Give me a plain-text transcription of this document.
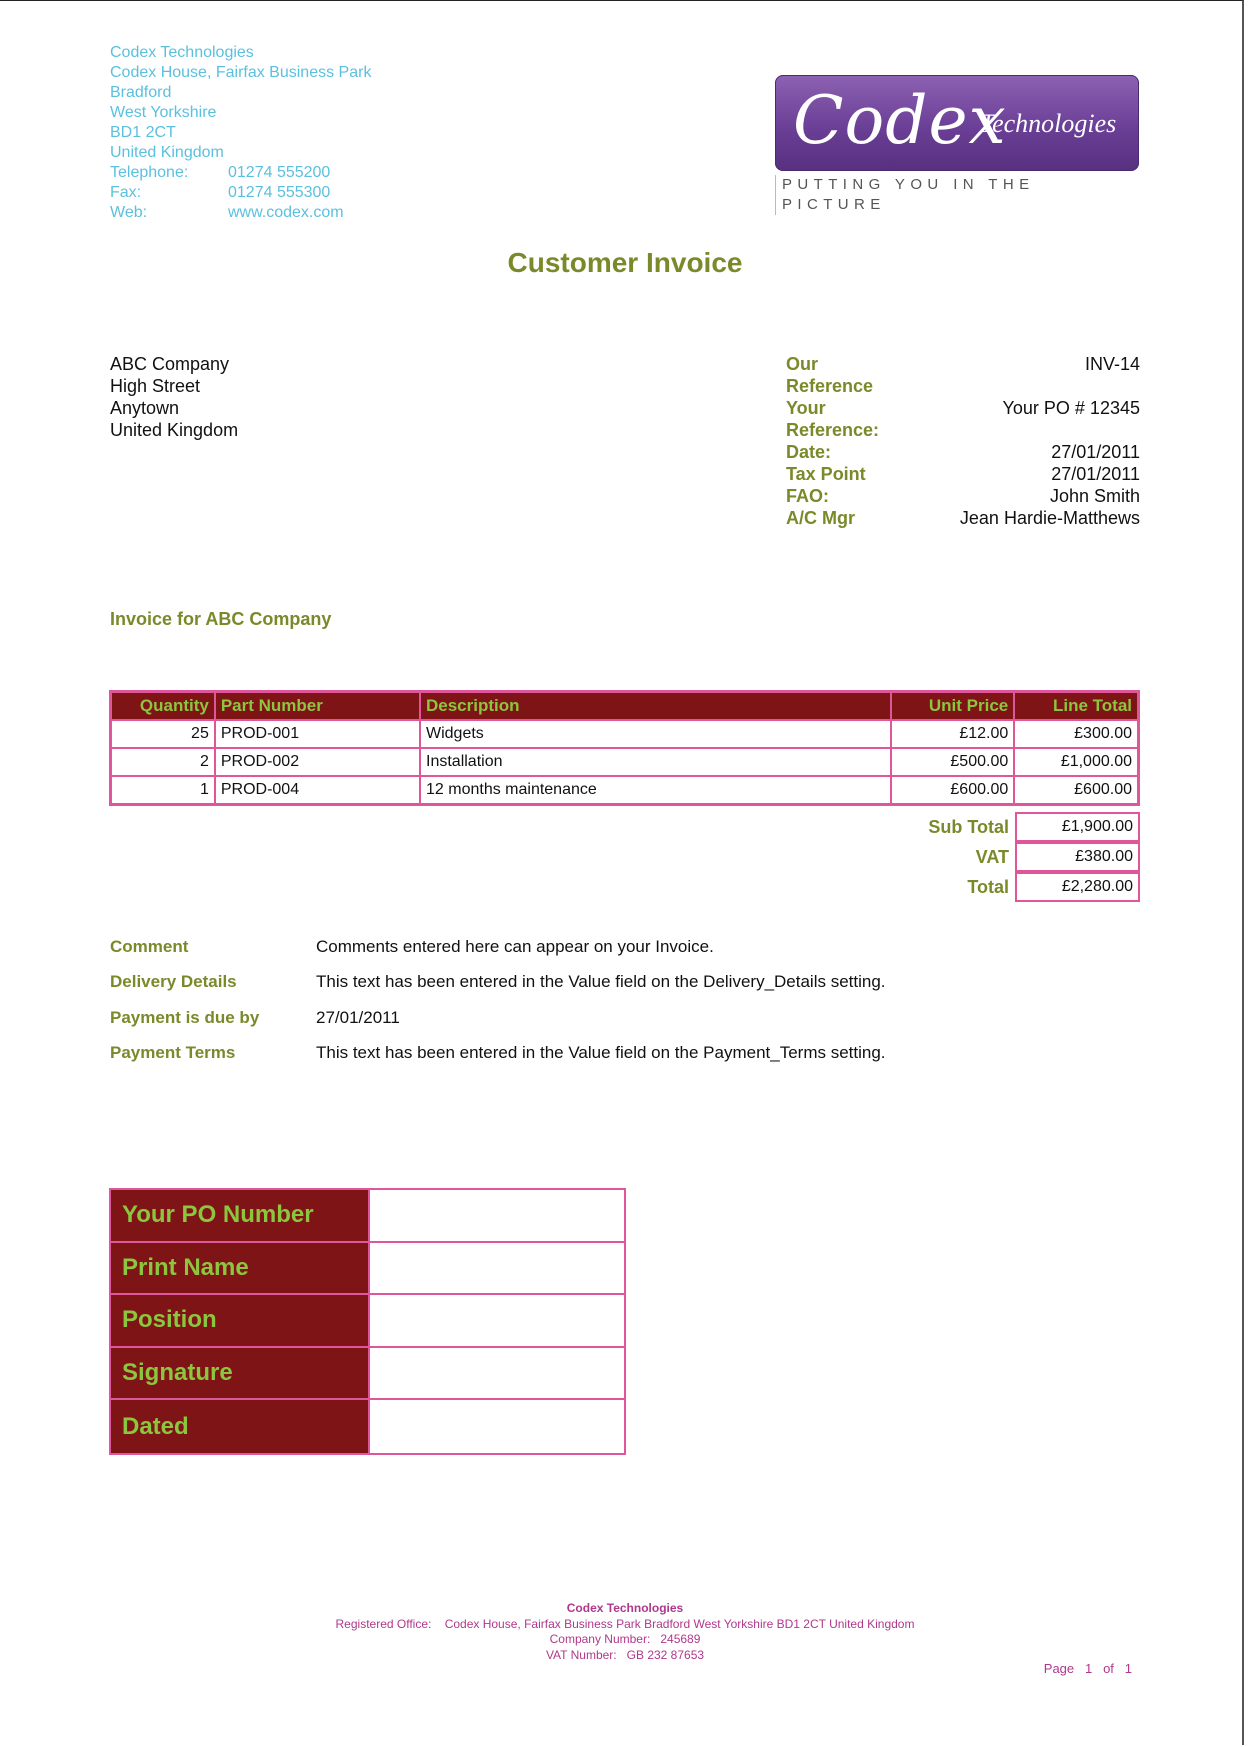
Codex Technologies
Codex House, Fairfax Business Park
Bradford
West Yorkshire
BD1 2CT
United Kingdom
Telephone:	01274 555200
Fax:	01274 555300
Web:	www.codex.com
Codex
Technologies
PUTTING YOU IN THE PICTURE
Customer Invoice
ABC Company
High Street
Anytown
United Kingdom
Our Reference
INV-14
Your Reference:
Your PO # 12345
Date:	27/01/2011
Tax Point	27/01/2011
FAO:	John Smith
A/C Mgr	Jean Hardie-Matthews
Invoice for ABC Company
Quantity	Part Number	Description	Unit Price	Line Total
25	PROD-001	Widgets	£12.00	£300.00
2	PROD-002	Installation	£500.00	£1,000.00
1	PROD-004	12 months maintenance	£600.00	£600.00
Sub Total	£1,900.00
VAT	£380.00
Total	£2,280.00
Comment	Comments entered here can appear on your Invoice.
Delivery Details	This text has been entered in the Value field on the Delivery_Details setting.
Payment is due by	27/01/2011
Payment Terms	This text has been entered in the Value field on the Payment_Terms setting.
Your PO Number
Print Name
Position
Signature
Dated
Codex Technologies
Registered Office: Codex House, Fairfax Business Park Bradford West Yorkshire BD1 2CT United Kingdom
Company Number: 245689
VAT Number: GB 232 87653
Page 1 of 1
